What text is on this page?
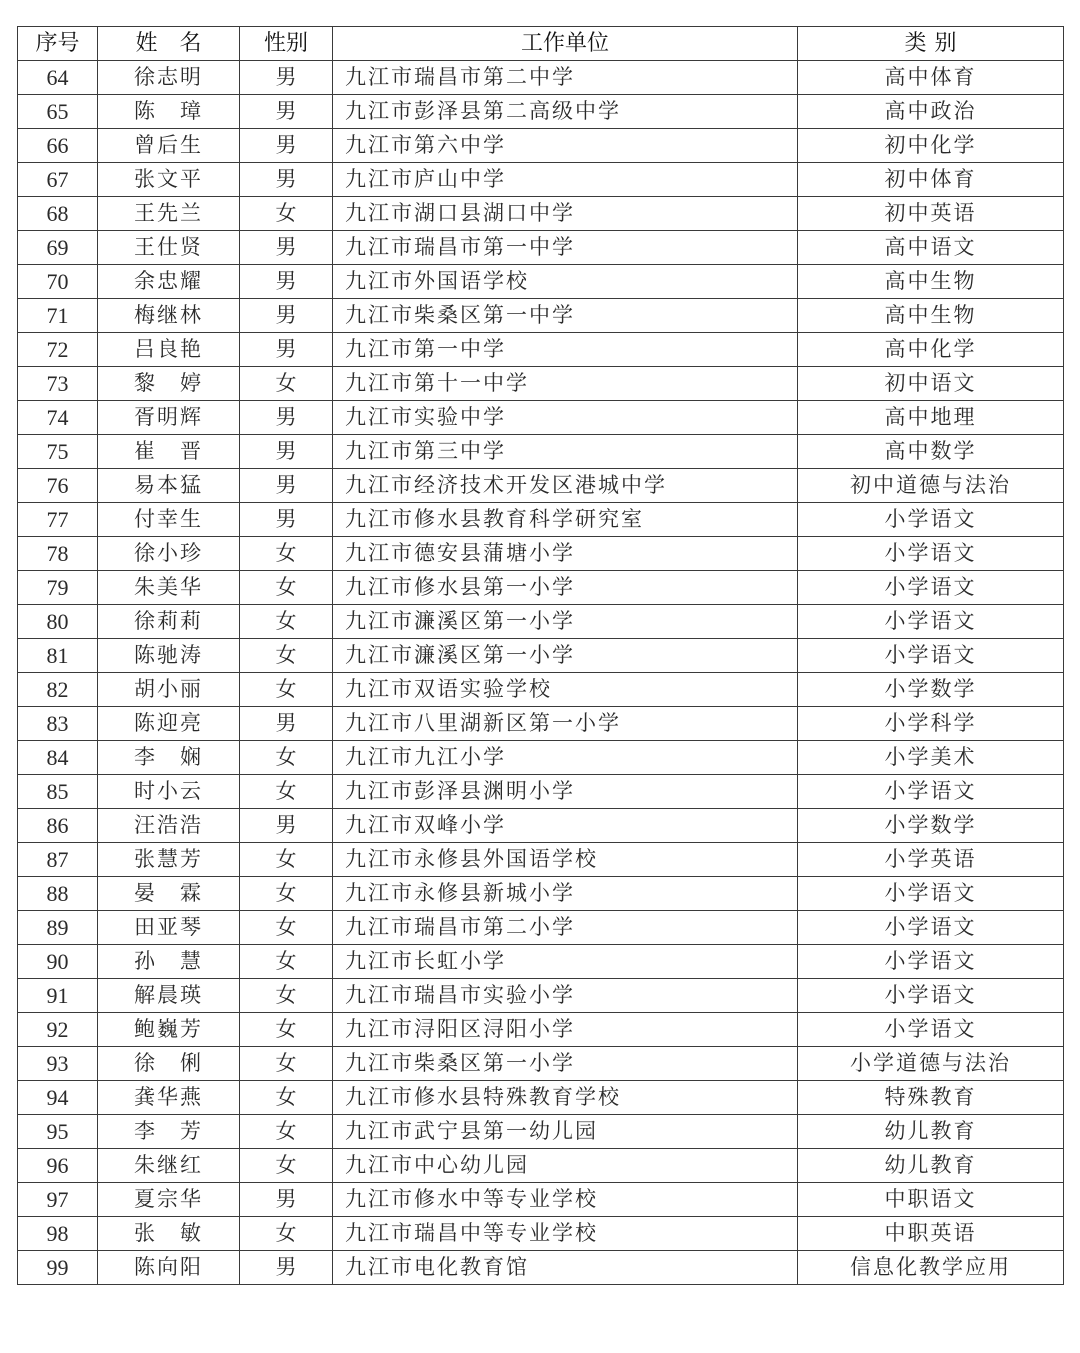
序号	姓名	性别	工作单位	类别
64	徐志明	男	九江市瑞昌市第二中学	高中体育
65	陈　璋	男	九江市彭泽县第二高级中学	高中政治
66	曾后生	男	九江市第六中学	初中化学
67	张文平	男	九江市庐山中学	初中体育
68	王先兰	女	九江市湖口县湖口中学	初中英语
69	王仕贤	男	九江市瑞昌市第一中学	高中语文
70	余忠耀	男	九江市外国语学校	高中生物
71	梅继林	男	九江市柴桑区第一中学	高中生物
72	吕良艳	男	九江市第一中学	高中化学
73	黎　婷	女	九江市第十一中学	初中语文
74	胥明辉	男	九江市实验中学	高中地理
75	崔　晋	男	九江市第三中学	高中数学
76	易本猛	男	九江市经济技术开发区港城中学	初中道德与法治
77	付幸生	男	九江市修水县教育科学研究室	小学语文
78	徐小珍	女	九江市德安县蒲塘小学	小学语文
79	朱美华	女	九江市修水县第一小学	小学语文
80	徐莉莉	女	九江市濂溪区第一小学	小学语文
81	陈驰涛	女	九江市濂溪区第一小学	小学语文
82	胡小丽	女	九江市双语实验学校	小学数学
83	陈迎亮	男	九江市八里湖新区第一小学	小学科学
84	李　娴	女	九江市九江小学	小学美术
85	时小云	女	九江市彭泽县渊明小学	小学语文
86	汪浩浩	男	九江市双峰小学	小学数学
87	张慧芳	女	九江市永修县外国语学校	小学英语
88	晏　霖	女	九江市永修县新城小学	小学语文
89	田亚琴	女	九江市瑞昌市第二小学	小学语文
90	孙　慧	女	九江市长虹小学	小学语文
91	解晨瑛	女	九江市瑞昌市实验小学	小学语文
92	鲍巍芳	女	九江市浔阳区浔阳小学	小学语文
93	徐　俐	女	九江市柴桑区第一小学	小学道德与法治
94	龚华燕	女	九江市修水县特殊教育学校	特殊教育
95	李　芳	女	九江市武宁县第一幼儿园	幼儿教育
96	朱继红	女	九江市中心幼儿园	幼儿教育
97	夏宗华	男	九江市修水中等专业学校	中职语文
98	张　敏	女	九江市瑞昌中等专业学校	中职英语
99	陈向阳	男	九江市电化教育馆	信息化教学应用
